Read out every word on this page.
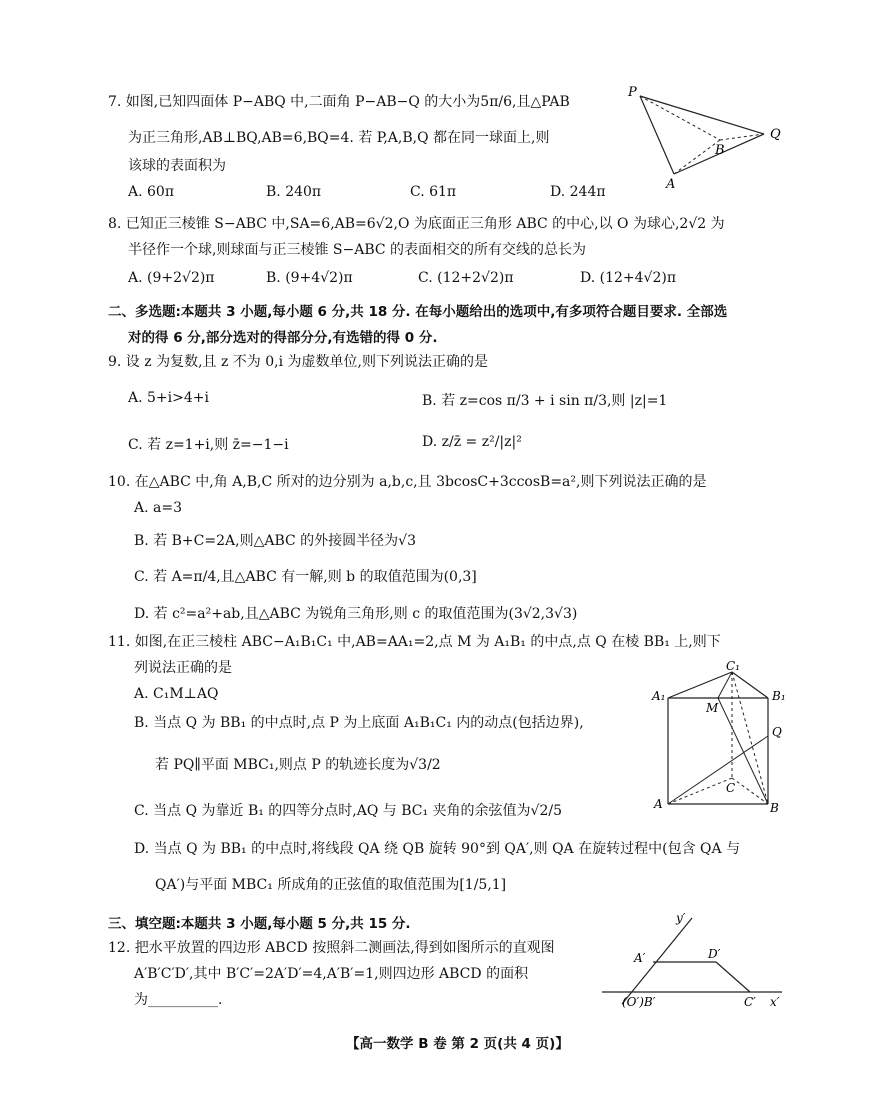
7. 如图,已知四面体 P−ABQ 中,二面角 P−AB−Q 的大小为5π/6,且△PAB
为正三角形,AB⊥BQ,AB=6,BQ=4. 若 P,A,B,Q 都在同一球面上,则
该球的表面积为
A. 60π	B. 240π	C. 61π	D. 244π
P
Q
B
A
8. 已知正三棱锥 S−ABC 中,SA=6,AB=6√2,O 为底面正三角形 ABC 的中心,以 O 为球心,2√2 为
半径作一个球,则球面与正三棱锥 S−ABC 的表面相交的所有交线的总长为
A. (9+2√2)π	B. (9+4√2)π	C. (12+2√2)π	D. (12+4√2)π
二、多选题:本题共 3 小题,每小题 6 分,共 18 分. 在每小题给出的选项中,有多项符合题目要求. 全部选
对的得 6 分,部分选对的得部分分,有选错的得 0 分.
9. 设 z 为复数,且 z 不为 0,i 为虚数单位,则下列说法正确的是
A. 5+i>4+i	B. 若 z=cos π/3 + i sin π/3,则 |z|=1
C. 若 z=1+i,则 z̄=−1−i	D. z/z̄ = z²/|z|²
10. 在△ABC 中,角 A,B,C 所对的边分别为 a,b,c,且 3bcosC+3ccosB=a²,则下列说法正确的是
A. a=3
B. 若 B+C=2A,则△ABC 的外接圆半径为√3
C. 若 A=π/4,且△ABC 有一解,则 b 的取值范围为(0,3]
D. 若 c²=a²+ab,且△ABC 为锐角三角形,则 c 的取值范围为(3√2,3√3)
11. 如图,在正三棱柱 ABC−A₁B₁C₁ 中,AB=AA₁=2,点 M 为 A₁B₁ 的中点,点 Q 在棱 BB₁ 上,则下
列说法正确的是
A. C₁M⊥AQ
B. 当点 Q 为 BB₁ 的中点时,点 P 为上底面 A₁B₁C₁ 内的动点(包括边界),
若 PQ∥平面 MBC₁,则点 P 的轨迹长度为√3/2
C. 当点 Q 为靠近 B₁ 的四等分点时,AQ 与 BC₁ 夹角的余弦值为√2/5
D. 当点 Q 为 BB₁ 的中点时,将线段 QA 绕 QB 旋转 90°到 QA′,则 QA 在旋转过程中(包含 QA 与
QA′)与平面 MBC₁ 所成角的正弦值的取值范围为[1/5,1]
C₁
A₁
M
B₁
Q
C
A	B
三、填空题:本题共 3 小题,每小题 5 分,共 15 分.
12. 把水平放置的四边形 ABCD 按照斜二测画法,得到如图所示的直观图
A′B′C′D′,其中 B′C′=2A′D′=4,A′B′=1,则四边形 ABCD 的面积
为__________.
y′
A′	D′
(O′)B′	C′ x′
【高一数学 B 卷 第 2 页(共 4 页)】
